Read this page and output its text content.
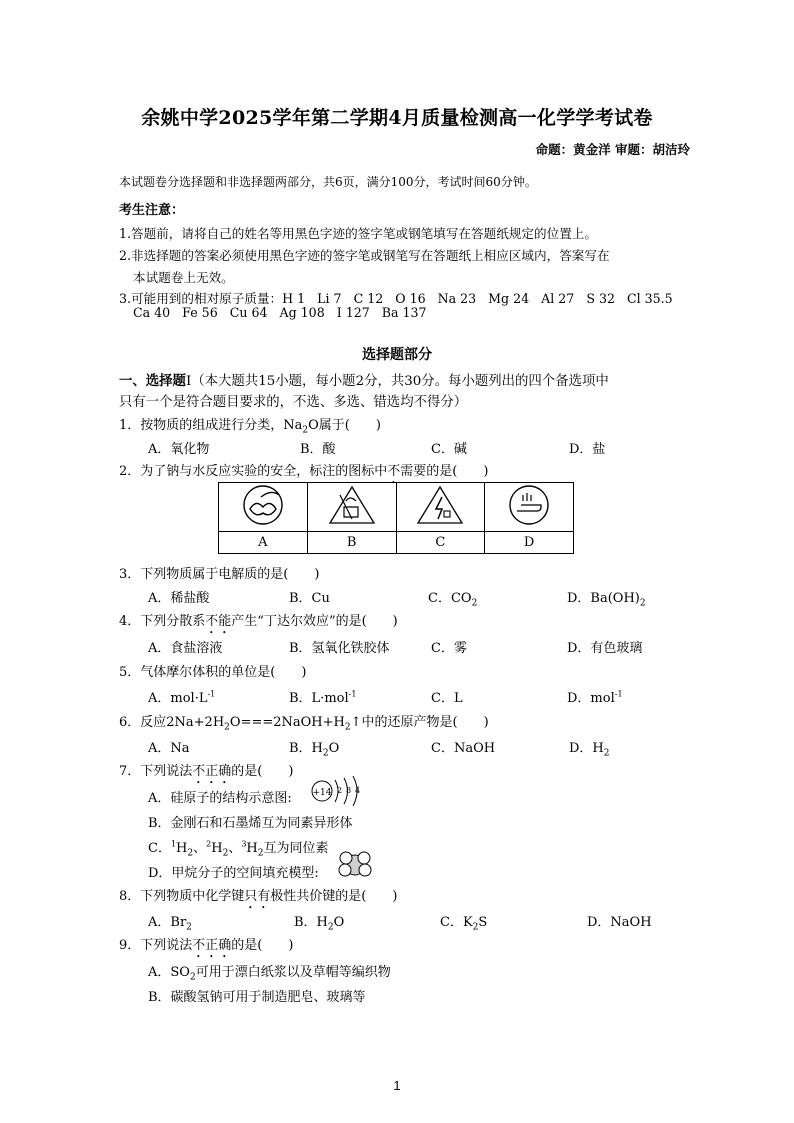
余姚中学2025学年第二学期4月质量检测高一化学学考试卷
命题：黄金洋 审题：胡洁玲
本试题卷分选择题和非选择题两部分，共6页，满分100分，考试时间60分钟。
考生注意：
1.答题前，请将自己的姓名等用黑色字迹的签字笔或钢笔填写在答题纸规定的位置上。
2.非选择题的答案必须使用黑色字迹的签字笔或钢笔写在答题纸上相应区域内，答案写在
本试题卷上无效。
3.可能用到的相对原子质量：H 1   Li 7   C 12   O 16   Na 23   Mg 24   Al 27   S 32   Cl 35.5
Ca 40   Fe 56   Cu 64   Ag 108   I 127   Ba 137
选择题部分
一、选择题Ⅰ（本大题共15小题，每小题2分，共30分。每小题列出的四个备选项中
只有一个是符合题目要求的，不选、多选、错选均不得分）
1．按物质的组成进行分类，$Na_2O$属于(　　)
A．氧化物	B．酸	C．碱	D．盐
2．为了钠与水反应实验的安全，标注的图标中不需要的是(　　)

A	B	C	D
3．下列物质属于电解质的是(　　)
A．稀盐酸	B．Cu	C．$CO_2$	D．$Ba(OH)_2$
4．下列分散系不能产生“丁达尔效应”的是(　　)
A．食盐溶液	B．氢氧化铁胶体	C．雾	D．有色玻璃
5．气体摩尔体积的单位是(　　)
A．$mol\cdot L^{-1}$	B．L·mol$^{-1}$	C．L	D．mol$^{-1}$
6．反应$2Na+2H_2O===2NaOH+H_2↑$中的还原产物是(　　)
A．Na	B．$H_2O$	C．NaOH	D．$H_2$
7．下列说法不正确的是(　　)
A．硅原子的结构示意图: +14 2 8 4
B．金刚石和石墨烯互为同素异形体
C．$^1H_2$、$^2H_2$、$^3H_2$互为同位素
D．甲烷分子的空间填充模型:
8．下列物质中化学键只有极性共价键的是(　　)
A．$Br_2$	B．$H_2O$	C．$K_2S$	D．NaOH
9．下列说法不正确的是(　　)
A．$SO_2$可用于漂白纸浆以及草帽等编织物
B．碳酸氢钠可用于制造肥皂、玻璃等
1
